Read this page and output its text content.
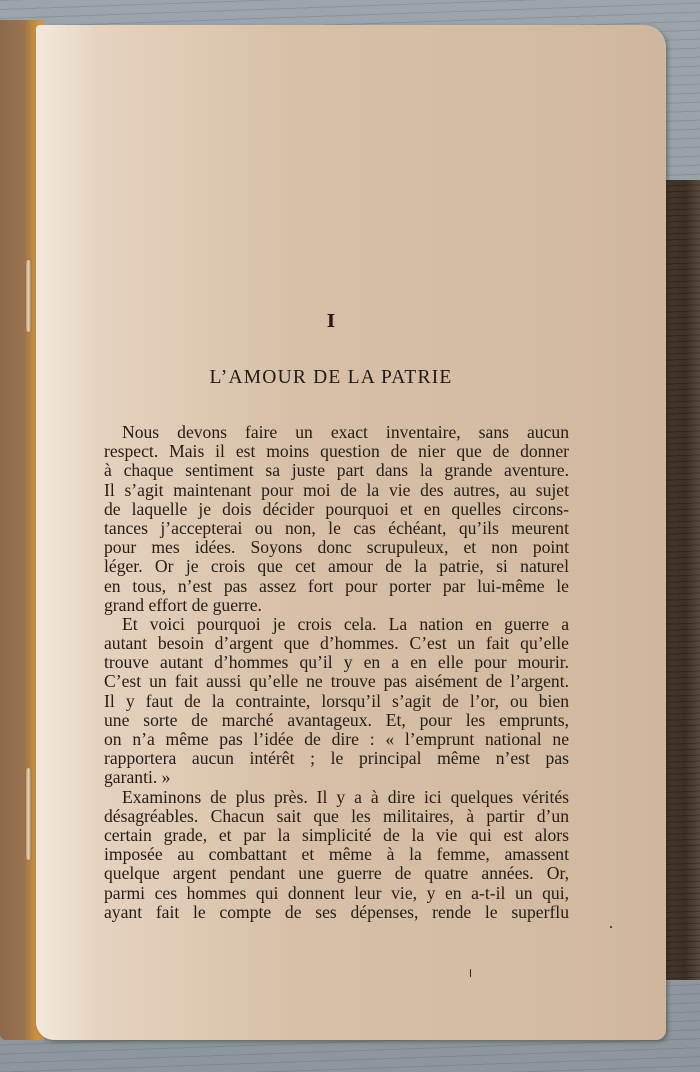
I
L’AMOUR DE LA PATRIE
Nous devons faire un exact inventaire, sans aucun
respect. Mais il est moins question de nier que de donner
à chaque sentiment sa juste part dans la grande aventure.
Il s’agit maintenant pour moi de la vie des autres, au sujet
de laquelle je dois décider pourquoi et en quelles circons-
tances j’accepterai ou non, le cas échéant, qu’ils meurent
pour mes idées. Soyons donc scrupuleux, et non point
léger. Or je crois que cet amour de la patrie, si naturel
en tous, n’est pas assez fort pour porter par lui-même le
grand effort de guerre.
Et voici pourquoi je crois cela. La nation en guerre a
autant besoin d’argent que d’hommes. C’est un fait qu’elle
trouve autant d’hommes qu’il y en a en elle pour mourir.
C’est un fait aussi qu’elle ne trouve pas aisément de l’argent.
Il y faut de la contrainte, lorsqu’il s’agit de l’or, ou bien
une sorte de marché avantageux. Et, pour les emprunts,
on n’a même pas l’idée de dire : « l’emprunt national ne
rapportera aucun intérêt ; le principal même n’est pas
garanti. »
Examinons de plus près. Il y a à dire ici quelques vérités
désagréables. Chacun sait que les militaires, à partir d’un
certain grade, et par la simplicité de la vie qui est alors
imposée au combattant et même à la femme, amassent
quelque argent pendant une guerre de quatre années. Or,
parmi ces hommes qui donnent leur vie, y en a-t-il un qui,
ayant fait le compte de ses dépenses, rende le superflu
